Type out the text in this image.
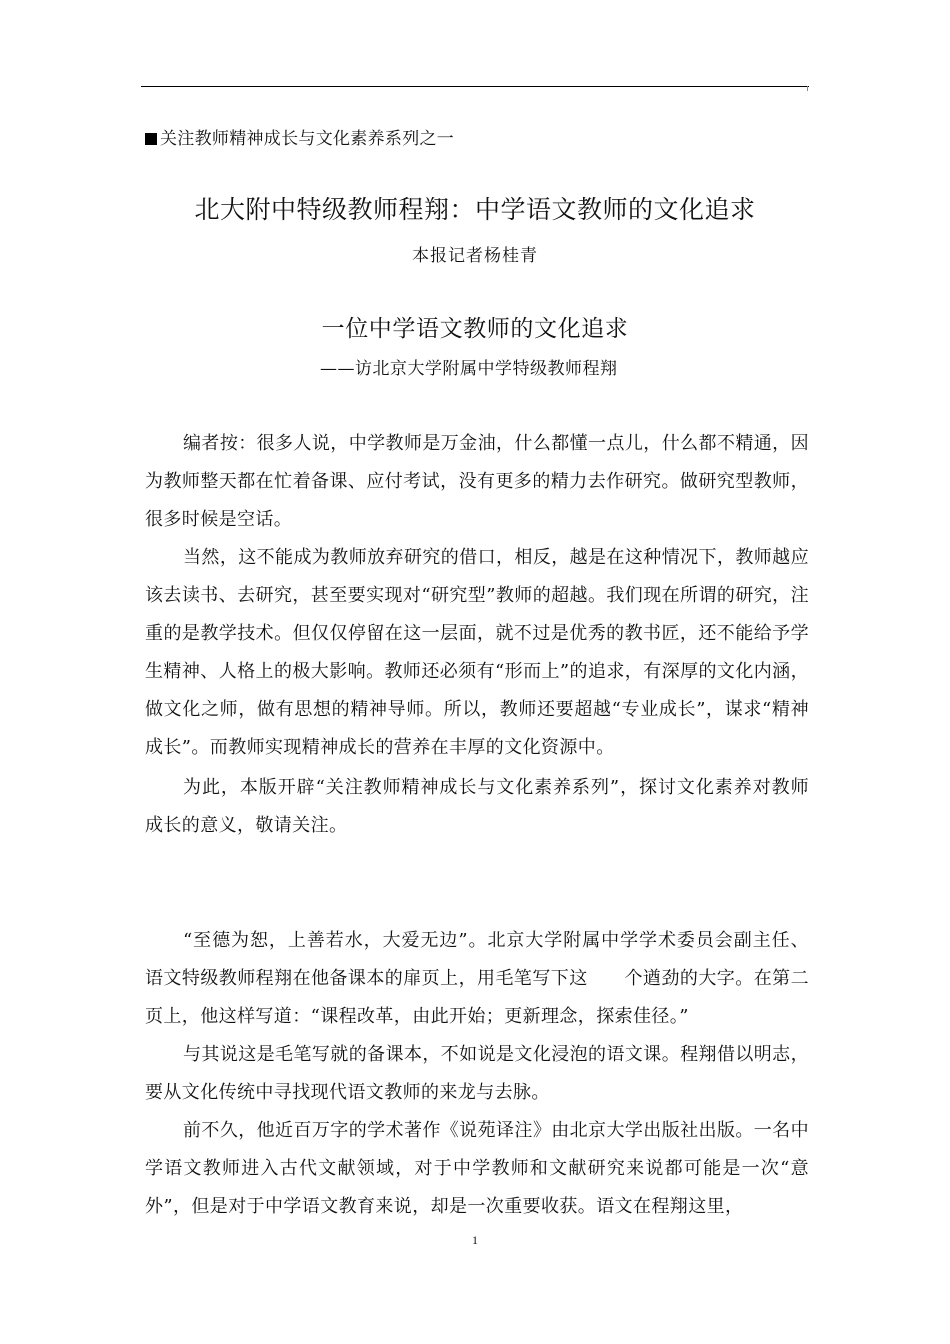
关注教师精神成长与文化素养系列之一
北大附中特级教师程翔：中学语文教师的文化追求
本报记者杨桂青
一位中学语文教师的文化追求
——访北京大学附属中学特级教师程翔

编者按：很多人说，中学教师是万金油，什么都懂一点儿，什么都不精通，因为教师整天都在忙着备课、应付考试，没有更多的精力去作研究。做研究型教师，很多时候是空话。

当然，这不能成为教师放弃研究的借口，相反，越是在这种情况下，教师越应该去读书、去研究，甚至要实现对“研究型”教师的超越。我们现在所谓的研究，注重的是教学技术。但仅仅停留在这一层面，就不过是优秀的教书匠，还不能给予学生精神、人格上的极大影响。教师还必须有“形而上”的追求，有深厚的文化内涵，做文化之师，做有思想的精神导师。所以，教师还要超越“专业成长”，谋求“精神成长”。而教师实现精神成长的营养在丰厚的文化资源中。

为此，本版开辟“关注教师精神成长与文化素养系列”，探讨文化素养对教师成长的意义，敬请关注。

“至德为恕，上善若水，大爱无边”。北京大学附属中学学术委员会副主任、语文特级教师程翔在他备课本的扉页上，用毛笔写下这　　个遒劲的大字。在第二页上，他这样写道：“课程改革，由此开始；更新理念，探索佳径。”

与其说这是毛笔写就的备课本，不如说是文化浸泡的语文课。程翔借以明志，要从文化传统中寻找现代语文教师的来龙与去脉。

前不久，他近百万字的学术著作《说苑译注》由北京大学出版社出版。一名中学语文教师进入古代文献领域，对于中学教师和文献研究来说都可能是一次“意外”，但是对于中学语文教育来说，却是一次重要收获。语文在程翔这里，

1
